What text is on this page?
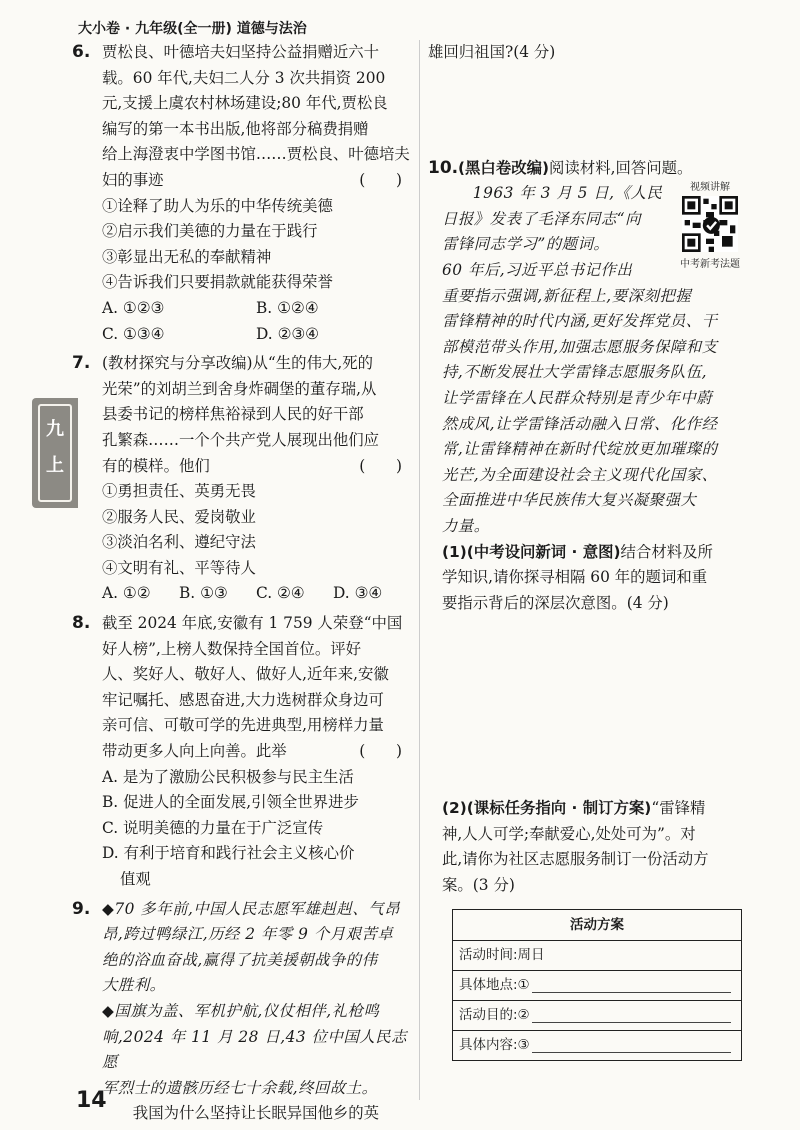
大小卷 · 九年级(全一册) 道德与法治
九上
6. 贾松良、叶德培夫妇坚持公益捐赠近六十
载。60 年代,夫妇二人分 3 次共捐资 200
元,支援上虞农村林场建设;80 年代,贾松良
编写的第一本书出版,他将部分稿费捐赠
给上海澄衷中学图书馆……贾松良、叶德培夫
妇的事迹	(　　)
①诠释了助人为乐的中华传统美德
②启示我们美德的力量在于践行
③彰显出无私的奉献精神
④告诉我们只要捐款就能获得荣誉
A. ①②③	B. ①②④
C. ①③④	D. ②③④
7. (教材探究与分享改编)从“生的伟大,死的
光荣”的刘胡兰到舍身炸碉堡的董存瑞,从
县委书记的榜样焦裕禄到人民的好干部
孔繁森……一个个共产党人展现出他们应
有的模样。他们	(　　)
①勇担责任、英勇无畏
②服务人民、爱岗敬业
③淡泊名利、遵纪守法
④文明有礼、平等待人
A. ①②	B. ①③	C. ②④	D. ③④
8. 截至 2024 年底,安徽有 1 759 人荣登“中国
好人榜”,上榜人数保持全国首位。评好
人、奖好人、敬好人、做好人,近年来,安徽
牢记嘱托、感恩奋进,大力选树群众身边可
亲可信、可敬可学的先进典型,用榜样力量
带动更多人向上向善。此举	(　　)
A. 是为了激励公民积极参与民主生活
B. 促进人的全面发展,引领全世界进步
C. 说明美德的力量在于广泛宣传
D. 有利于培育和践行社会主义核心价
值观
9. ◆70 多年前,中国人民志愿军雄赳赳、气昂
昂,跨过鸭绿江,历经 2 年零 9 个月艰苦卓
绝的浴血奋战,赢得了抗美援朝战争的伟
大胜利。
◆国旗为盖、军机护航,仪仗相伴,礼枪鸣
响,2024 年 11 月 28 日,43 位中国人民志愿
军烈士的遗骸历经七十余载,终回故土。
我国为什么坚持让长眠异国他乡的英
雄回归祖国?(4 分)
10. (黑白卷改编)阅读材料,回答问题。
视频讲解
中考新考法题
1963 年 3 月 5 日,《人民
日报》发表了毛泽东同志“向
雷锋同志学习”的题词。
60 年后,习近平总书记作出
重要指示强调,新征程上,要深刻把握
雷锋精神的时代内涵,更好发挥党员、干
部模范带头作用,加强志愿服务保障和支
持,不断发展壮大学雷锋志愿服务队伍,
让学雷锋在人民群众特别是青少年中蔚
然成风,让学雷锋活动融入日常、化作经
常,让雷锋精神在新时代绽放更加璀璨的
光芒,为全面建设社会主义现代化国家、
全面推进中华民族伟大复兴凝聚强大
力量。
(1)(中考设问新词 · 意图)结合材料及所
学知识,请你探寻相隔 60 年的题词和重
要指示背后的深层次意图。(4 分)
(2)(课标任务指向 · 制订方案)“雷锋精
神,人人可学;奉献爱心,处处可为”。对
此,请你为社区志愿服务制订一份活动方
案。(3 分)
活动方案
活动时间:周日
具体地点:①
活动目的:②
具体内容:③
14
